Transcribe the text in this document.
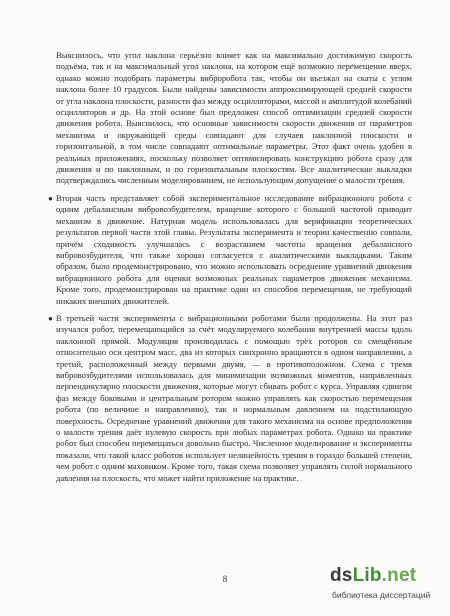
Выяснилось, что угол наклона серьёзно влияет как на максимально достижимую скорость подъёма, так и на максимальный угол наклона, на котором ещё возможно перемещение вверх, однако можно подобрать параметры виброробота так, чтобы он въезжал на скаты с углом наклона более 10 градусов. Были найдены зависимости аппроксимирующей средней скорости от угла наклона плоскости, разности фаз между осцилляторами, массой и амплитудой колебаний осцилляторов и др. На этой основе был предложен способ оптимизации средней скорости движения робота. Выяснилось, что основные зависимости скорости движения от параметров механизма и окружающей среды совпадают для случаев наклонной плоскости и горизонтальной, в том числе совпадают оптимальные параметры. Этот факт очень удобен в реальных приложениях, поскольку позволяет оптимизировать конструкцию робота сразу для движения и по наклонным, и по горизонтальным плоскостям. Все аналитические выкладки подтверждались численным моделированием, не использующим допущение о малости трения.

● Вторая часть представляет собой экспериментальное исследование вибрационного робота с одним дебалансным вибровозбудителем, вращение которого с большой частотой приводит механизм в движение. Натурная модель использовалась для верификации теоретических результатов первой части этой главы. Результаты эксперимента и теории качественно совпали, причём сходимость улучшалась с возрастанием частоты вращения дебалансного вибровозбудителя, что также хорошо согласуется с аналитическими выкладками. Таким образом, было продемонстрировано, что можно использовать осреднение уравнений движения вибрационного робота для оценки возможных реальных параметров движения механизма. Кроме того, продемонстрирован на практике один из способов перемещения, не требующий никаких внешних движителей.

● В третьей части эксперименты с вибрационными роботами были продолжены. На этот раз изучался робот, перемещающийся за счёт модулируемого колебания внутренней массы вдоль наклонной прямой. Модуляция производилась с помощью трёх роторов со смещённым относительно оси центром масс, два из которых синхронно вращаются в одном направлении, а третий, расположенный между первыми двумя, — в противоположном. Схема с тремя вибровозбудителями использовалась для минимизации возможных моментов, направленных перпендикулярно плоскости движения, которые могут сбивать робот с курса. Управляя сдвигом фаз между боковыми и центральным ротором можно управлять как скоростью перемещения робота (по величине и направлению), так и нормальным давлением на подстилающую поверхность. Осреднение уравнений движения для такого механизма на основе предположения о малости трения даёт нулевую скорость при любых параметрах робота. Однако на практике робот был способен перемещаться довольно быстро. Численное моделирование и эксперименты показали, что такой класс роботов использует нелинейность трения в гораздо большей степени, чем робот с одним маховиком. Кроме того, такая схема позволяет управлять силой нормального давления на плоскость, что может найти приложение на практике.

8	dsLib.net
библиотека диссертаций
